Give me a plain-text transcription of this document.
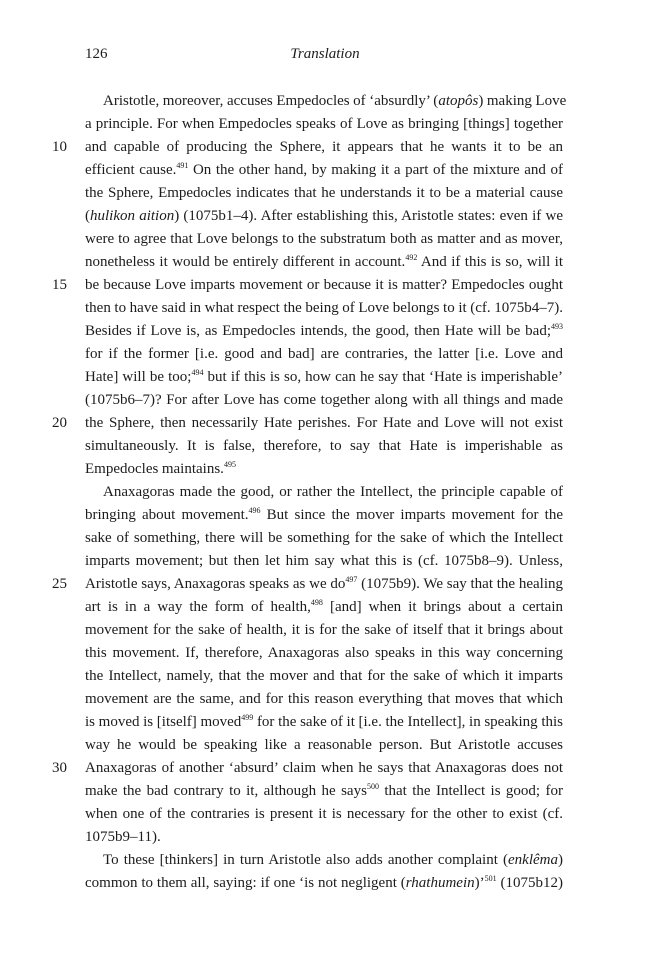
126	Translation
Aristotle, moreover, accuses Empedocles of ‘absurdly’ (atopôs) making Love
a principle. For when Empedocles speaks of Love as bringing [things] together
10	and capable of producing the Sphere, it appears that he wants it to be an
efficient cause.$^{491}$ On the other hand, by making it a part of the mixture and of
the Sphere, Empedocles indicates that he understands it to be a material cause
(hulikon aition) (1075b1–4). After establishing this, Aristotle states: even if we
were to agree that Love belongs to the substratum both as matter and as mover,
nonetheless it would be entirely different in account.$^{492}$ And if this is so, will it
15	be because Love imparts movement or because it is matter? Empedocles ought
then to have said in what respect the being of Love belongs to it (cf. 1075b4–7).
Besides if Love is, as Empedocles intends, the good, then Hate will be bad;$^{493}$
for if the former [i.e. good and bad] are contraries, the latter [i.e. Love and
Hate] will be too;$^{494}$ but if this is so, how can he say that ‘Hate is imperishable’
(1075b6–7)? For after Love has come together along with all things and made
20	the Sphere, then necessarily Hate perishes. For Hate and Love will not exist
simultaneously. It is false, therefore, to say that Hate is imperishable as
Empedocles maintains.$^{495}$
Anaxagoras made the good, or rather the Intellect, the principle capable of
bringing about movement.$^{496}$ But since the mover imparts movement for the
sake of something, there will be something for the sake of which the Intellect
imparts movement; but then let him say what this is (cf. 1075b8–9). Unless,
25	Aristotle says, Anaxagoras speaks as we $do^{497}$ (1075b9). We say that the healing
art is in a way the form of health,$^{498}$ [and] when it brings about a certain
movement for the sake of health, it is for the sake of itself that it brings about
this movement. If, therefore, Anaxagoras also speaks in this way concerning
the Intellect, namely, that the mover and that for the sake of which it imparts
movement are the same, and for this reason everything that moves that which
is moved is [itself] moved$^{499}$ for the sake of it [i.e. the Intellect], in speaking this
way he would be speaking like a reasonable person. But Aristotle accuses
30	Anaxagoras of another ‘absurd’ claim when he says that Anaxagoras does not
make the bad contrary to it, although he says$^{500}$ that the Intellect is good; for
when one of the contraries is present it is necessary for the other to exist (cf.
1075b9–11).
To these [thinkers] in turn Aristotle also adds another complaint (enklêma)
common to them all, saying: if one ‘is not negligent (rhathumein)’$^{501}$ (1075b12)
